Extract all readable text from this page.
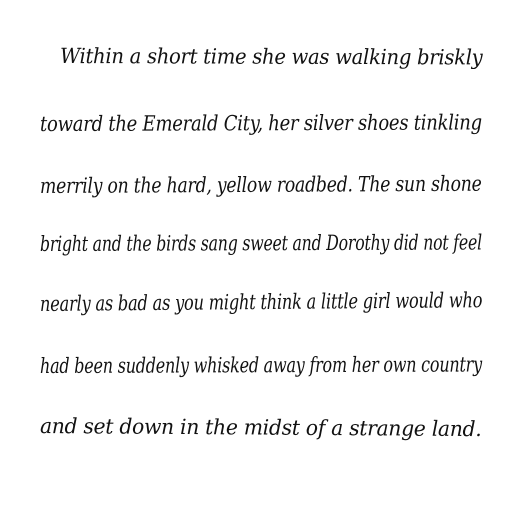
Within a short time she was walking briskly
toward the Emerald City, her silver shoes tinkling
merrily on the hard, yellow roadbed. The sun shone
bright and the birds sang sweet and Dorothy did not feel
nearly as bad as you might think a little girl would who
had been suddenly whisked away from her own country
and set down in the midst of a strange land.
